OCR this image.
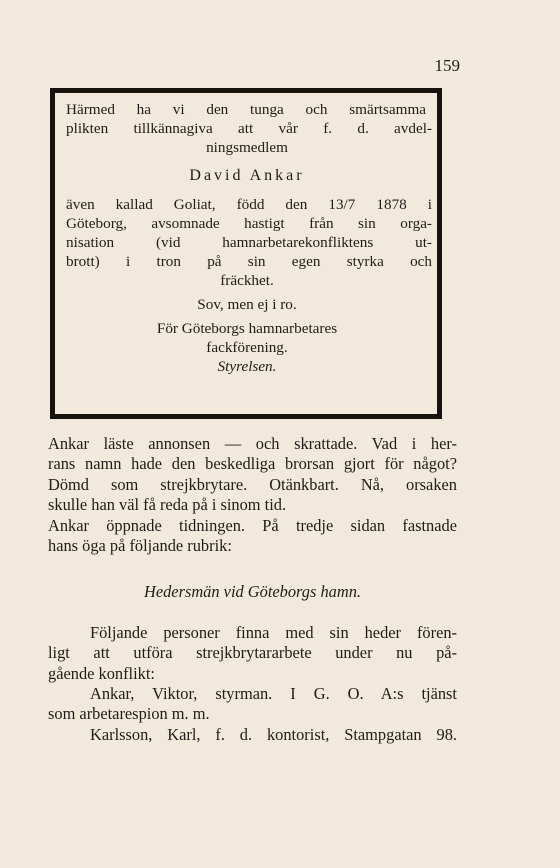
159

Härmed ha vi den tunga och smärtsamma

plikten tillkännagiva att vår f. d. avdel-

ningsmedlem

David Ankar

även kallad Goliat, född den 13/7 1878 i

Göteborg, avsomnade hastigt från sin orga-

nisation (vid hamnarbetarekonfliktens ut-

brott) i tron på sin egen styrka och

fräckhet.

Sov, men ej i ro.

För Göteborgs hamnarbetares

fackförening.

Styrelsen.

Ankar läste annonsen — och skrattade. Vad i her-

rans namn hade den beskedliga brorsan gjort för något?

Dömd som strejkbrytare. Otänkbart. Nå, orsaken

skulle han väl få reda på i sinom tid.

Ankar öppnade tidningen. På tredje sidan fastnade

hans öga på följande rubrik:

Hedersmän vid Göteborgs hamn.

Följande personer finna med sin heder fören-

ligt att utföra strejkbrytararbete under nu på-

gående konflikt:

Ankar, Viktor, styrman. I G. O. A:s tjänst

som arbetarespion m. m.

Karlsson, Karl, f. d. kontorist, Stampgatan 98.
